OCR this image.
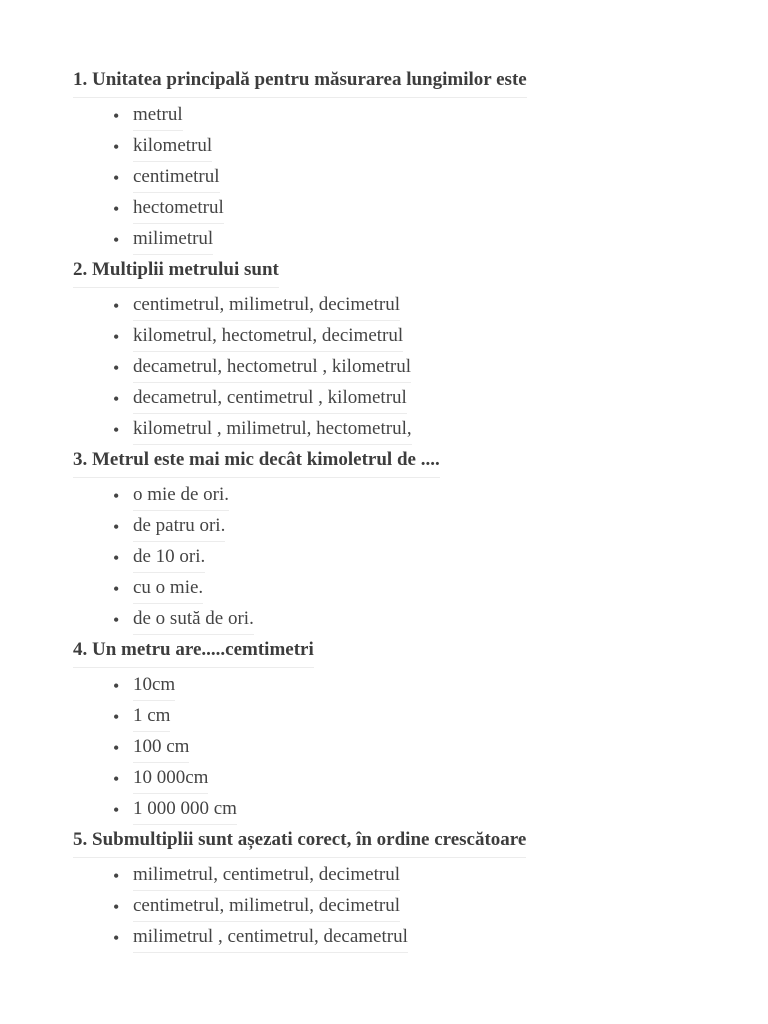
1. Unitatea principală pentru măsurarea lungimilor este
• metrul
• kilometrul
• centimetrul
• hectometrul
• milimetrul
2. Multiplii metrului sunt
• centimetrul, milimetrul, decimetrul
• kilometrul, hectometrul, decimetrul
• decametrul, hectometrul , kilometrul
• decametrul, centimetrul , kilometrul
• kilometrul , milimetrul, hectometrul,
3. Metrul este mai mic decât kimoletrul de ....
• o mie de ori.
• de patru ori.
• de 10 ori.
• cu o mie.
• de o sută de ori.
4. Un metru are.....cemtimetri
• 10cm
• 1 cm
• 100 cm
• 10 000cm
• 1 000 000 cm
5. Submultiplii sunt așezati corect, în ordine crescătoare
• milimetrul, centimetrul, decimetrul
• centimetrul, milimetrul, decimetrul
• milimetrul , centimetrul, decametrul
